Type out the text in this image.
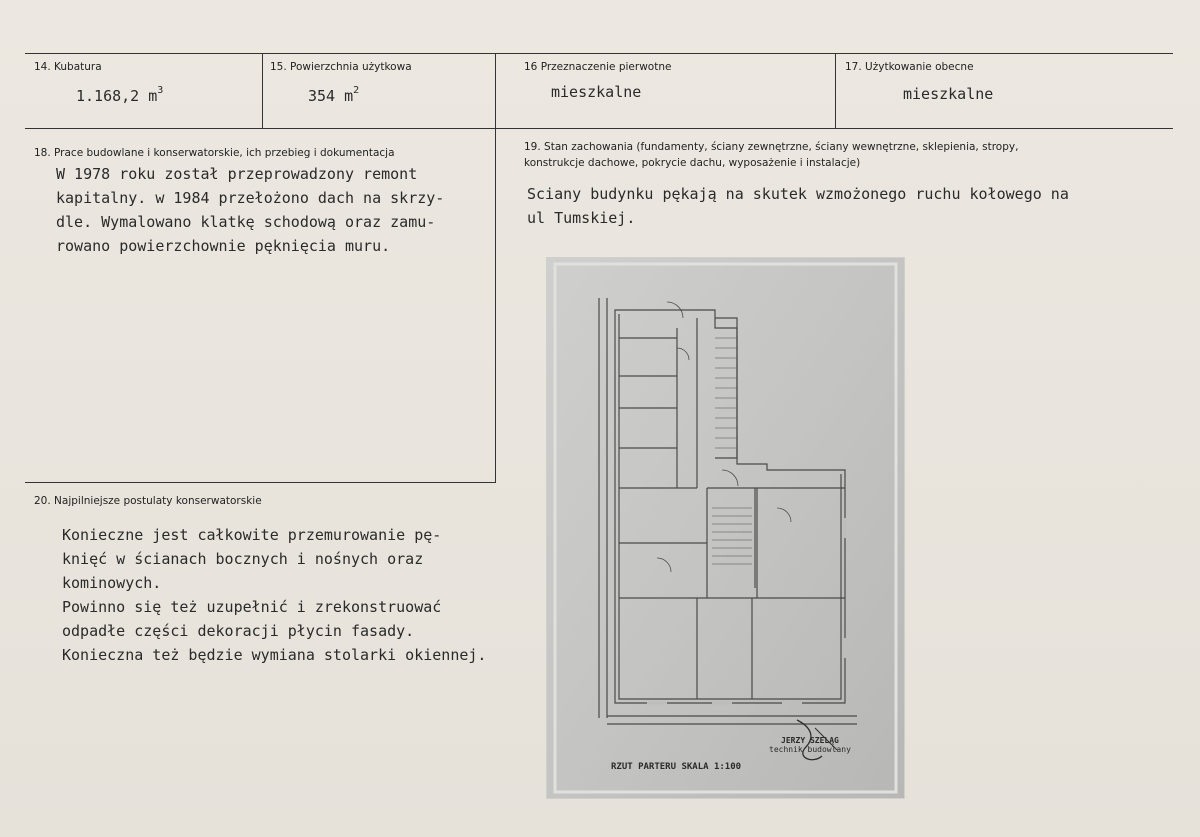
14. Kubatura
1.168,2 $m^3$
15. Powierzchnia użytkowa
354 $m^2$
16 Przeznaczenie pierwotne
mieszkalne
17. Użytkowanie obecne
mieszkalne
18. Prace budowlane i konserwatorskie, ich przebieg i dokumentacja
W 1978 roku został przeprowadzony remont
kapitalny. w 1984 przełożono dach na skrzy-
dle. Wymalowano klatkę schodową oraz zamu-
rowano powierzchownie pęknięcia muru.
19. Stan zachowania (fundamenty, ściany zewnętrzne, ściany wewnętrzne, sklepienia, stropy,
konstrukcje dachowe, pokrycie dachu, wyposażenie i instalacje)
Sciany budynku pękają na skutek wzmożonego ruchu kołowego na
ul Tumskiej.
20. Najpilniejsze postulaty konserwatorskie
Konieczne jest całkowite przemurowanie pę-
knięć w ścianach bocznych i nośnych oraz
kominowych.
Powinno się też uzupełnić i zrekonstruować
odpadłe części dekoracji płycin fasady.
Konieczna też będzie wymiana stolarki okiennej.
JERZY SZELĄG
technik budowlany
RZUT PARTERU SKALA 1:100
